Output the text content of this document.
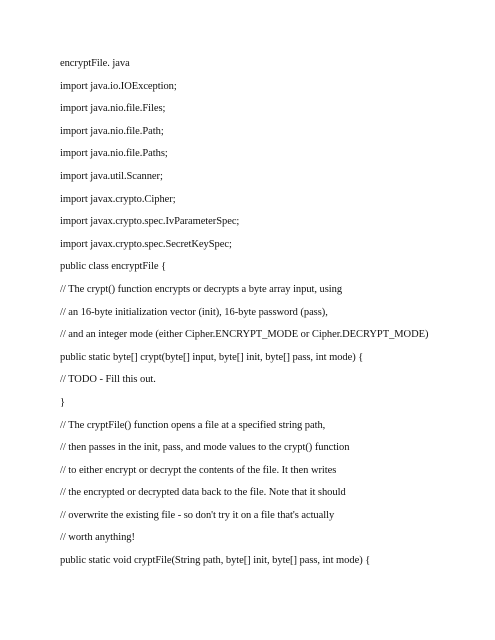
encryptFile. java
import java.io.IOException;
import java.nio.file.Files;
import java.nio.file.Path;
import java.nio.file.Paths;
import java.util.Scanner;
import javax.crypto.Cipher;
import javax.crypto.spec.IvParameterSpec;
import javax.crypto.spec.SecretKeySpec;
public class encryptFile {
// The crypt() function encrypts or decrypts a byte array input, using
// an 16-byte initialization vector (init), 16-byte password (pass),
// and an integer mode (either Cipher.ENCRYPT_MODE or Cipher.DECRYPT_MODE)
public static byte[] crypt(byte[] input, byte[] init, byte[] pass, int mode) {
// TODO - Fill this out.
}
// The cryptFile() function opens a file at a specified string path,
// then passes in the init, pass, and mode values to the crypt() function
// to either encrypt or decrypt the contents of the file. It then writes
// the encrypted or decrypted data back to the file. Note that it should
// overwrite the existing file - so don't try it on a file that's actually
// worth anything!
public static void cryptFile(String path, byte[] init, byte[] pass, int mode) {
